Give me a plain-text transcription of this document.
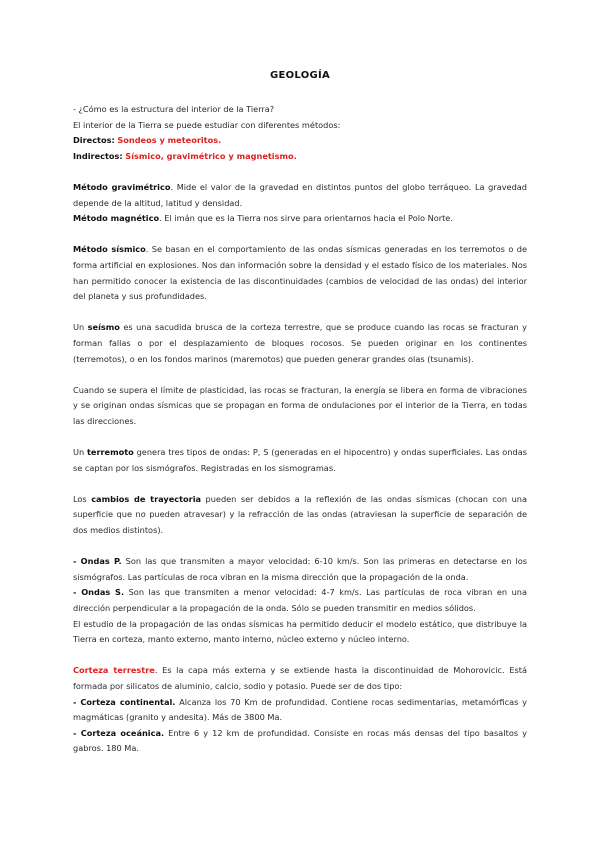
GEOLOGÍA

- ¿Cómo es la estructura del interior de la Tierra?

El interior de la Tierra se puede estudiar con diferentes métodos:

Directos: Sondeos y meteoritos.

Indirectos: Sísmico, gravimétrico y magnetismo.

Método gravimétrico. Mide el valor de la gravedad en distintos puntos del globo terráqueo. La gravedad depende de la altitud, latitud y densidad.

Método magnético. El imán que es la Tierra nos sirve para orientarnos hacia el Polo Norte.

Método sísmico. Se basan en el comportamiento de las ondas sísmicas generadas en los terremotos o de forma artificial en explosiones. Nos dan información sobre la densidad y el estado físico de los materiales. Nos han permitido conocer la existencia de las discontinuidades (cambios de velocidad de las ondas) del interior del planeta y sus profundidades.

Un seísmo es una sacudida brusca de la corteza terrestre, que se produce cuando las rocas se fracturan y forman fallas o por el desplazamiento de bloques rocosos. Se pueden originar en los continentes (terremotos), o en los fondos marinos (maremotos) que pueden generar grandes olas (tsunamis).

Cuando se supera el límite de plasticidad, las rocas se fracturan, la energía se libera en forma de vibraciones y se originan ondas sísmicas que se propagan en forma de ondulaciones por el interior de la Tierra, en todas las direcciones.

Un terremoto genera tres tipos de ondas: P, S (generadas en el hipocentro) y ondas superficiales. Las ondas se captan por los sismógrafos. Registradas en los sismogramas.

Los cambios de trayectoria pueden ser debidos a la reflexión de las ondas sísmicas (chocan con una superficie que no pueden atravesar) y la refracción de las ondas (atraviesan la superficie de separación de dos medios distintos).

- Ondas P. Son las que transmiten a mayor velocidad: 6-10 km/s. Son las primeras en detectarse en los sismógrafos. Las partículas de roca vibran en la misma dirección que la propagación de la onda.

- Ondas S. Son las que transmiten a menor velocidad: 4-7 km/s. Las partículas de roca vibran en una dirección perpendicular a la propagación de la onda. Sólo se pueden transmitir en medios sólidos.

El estudio de la propagación de las ondas sísmicas ha permitido deducir el modelo estático, que distribuye la Tierra en corteza, manto externo, manto interno, núcleo externo y núcleo interno.

Corteza terrestre. Es la capa más externa y se extiende hasta la discontinuidad de Mohorovicic. Está formada por silicatos de aluminio, calcio, sodio y potasio. Puede ser de dos tipo:

- Corteza continental. Alcanza los 70 Km de profundidad. Contiene rocas sedimentarias, metamórficas y magmáticas (granito y andesita). Más de 3800 Ma.

- Corteza oceánica. Entre 6 y 12 km de profundidad. Consiste en rocas más densas del tipo basaltos y gabros. 180 Ma.
